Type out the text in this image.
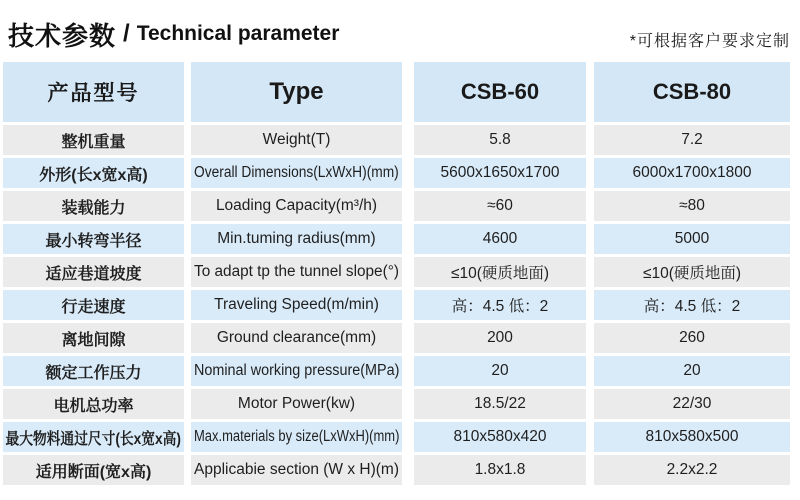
技术参数 / Technical parameter	*可根据客户要求定制
产品型号
整机重量
外形(长x宽x高)
装载能力
最小转弯半径
适应巷道坡度
行走速度
离地间隙
额定工作压力
电机总功率
最大物料通过尺寸(长x宽x高)
适用断面(宽x高)
Type
Weight(T)
Overall Dimensions(LxWxH)(mm)
Loading Capacity(m³/h)
Min.tuming radius(mm)
To adapt tp the tunnel slope(°)
Traveling Speed(m/min)
Ground clearance(mm)
Nominal working pressure(MPa)
Motor Power(kw)
Max.materials by size(LxWxH)(mm)
Applicabie section (W x H)(m)
CSB-60
5.8
5600x1650x1700
≈60
4600
≤10(硬质地面)
高：4.5 低：2
200
20
18.5/22
810x580x420
1.8x1.8
CSB-80
7.2
6000x1700x1800
≈80
5000
≤10(硬质地面)
高：4.5 低：2
260
20
22/30
810x580x500
2.2x2.2
